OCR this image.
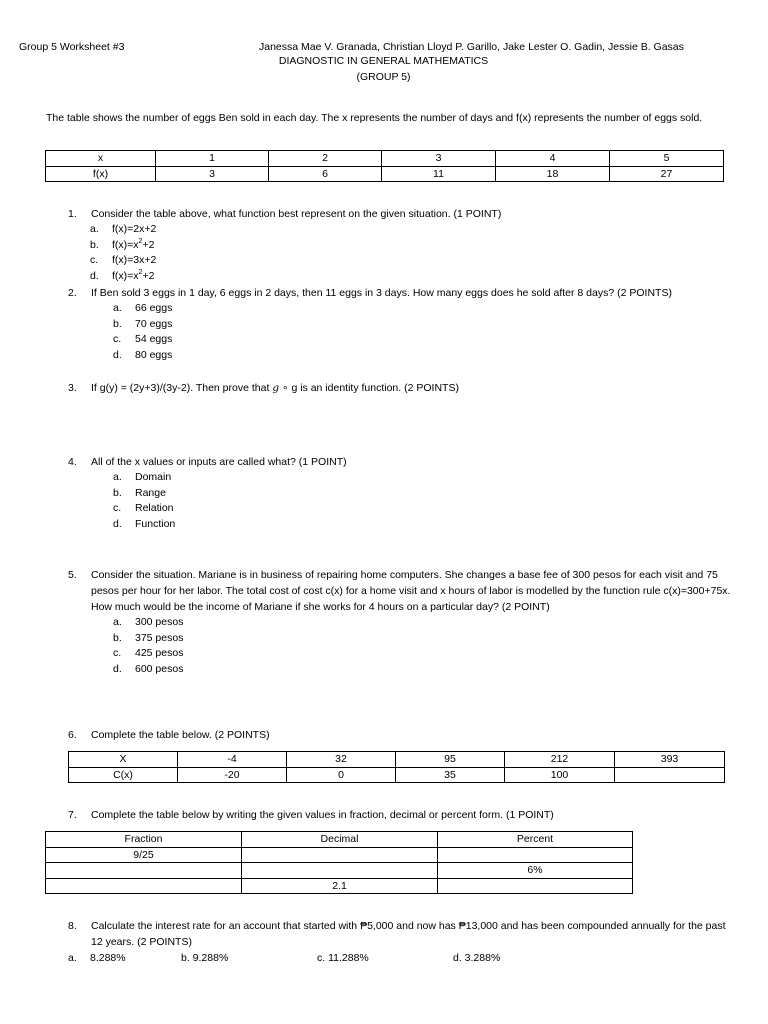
Group 5 Worksheet #3	Janessa Mae V. Granada, Christian Lloyd P. Garillo, Jake Lester O. Gadin, Jessie B. Gasas
DIAGNOSTIC IN GENERAL MATHEMATICS
(GROUP 5)
The table shows the number of eggs Ben sold in each day. The x represents the number of days and f(x) represents the number of eggs sold.
x	1	2	3	4	5
f(x)	3	6	11	18	27
1. Consider the table above, what function best represent on the given situation. (1 POINT)
a. f(x)=2x+2
b. $f(x)=x^2+2$
c. f(x)=3x+2
d. $f(x)=x^2+2$
2. If Ben sold 3 eggs in 1 day, 6 eggs in 2 days, then 11 eggs in 3 days. How many eggs does he sold after 8 days? (2 POINTS)
a. 66 eggs
b. 70 eggs
c. 54 eggs
d. 80 eggs
3. If g(y) = (2y+3)/(3y-2). Then prove that g ∘ g is an identity function. (2 POINTS)
4. All of the x values or inputs are called what? (1 POINT)
a. Domain
b. Range
c. Relation
d. Function
5. Consider the situation. Mariane is in business of repairing home computers. She changes a base fee of 300 pesos for each visit and 75 pesos per hour for her labor. The total cost of cost c(x) for a home visit and x hours of labor is modelled by the function rule c(x)=300+75x. How much would be the income of Mariane if she works for 4 hours on a particular day? (2 POINT)
a. 300 pesos
b. 375 pesos
c. 425 pesos
d. 600 pesos
6. Complete the table below. (2 POINTS)
X	-4	32	95	212	393
C(x)	-20	0	35	100	
7. Complete the table below by writing the given values in fraction, decimal or percent form. (1 POINT)
Fraction	Decimal	Percent
9/25		
		6%
	2.1	
8. Calculate the interest rate for an account that started with ₱5,000 and now has ₱13,000 and has been compounded annually for the past 12 years. (2 POINTS)
a. 8.288%	b. 9.288%	c. 11.288%	d. 3.288%
